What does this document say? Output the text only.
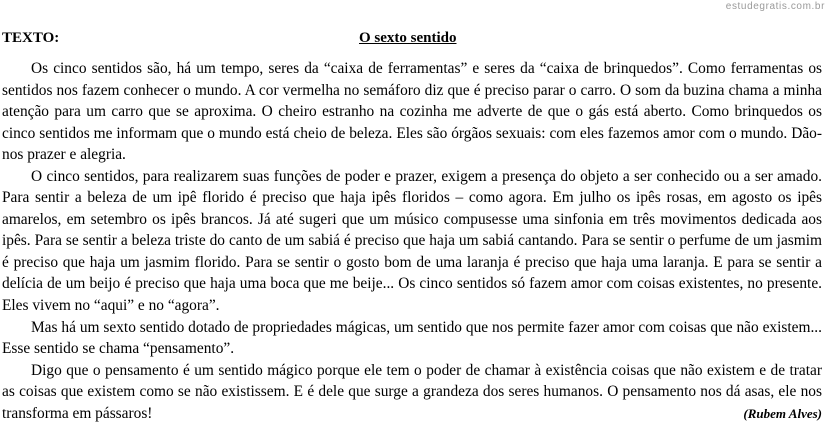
estudegratis.com.br
TEXTO:	O sexto sentido

Os cinco sentidos são, há um tempo, seres da “caixa de ferramentas” e seres da “caixa de brinquedos”. Como ferramentas os sentidos nos fazem conhecer o mundo. A cor vermelha no semáforo diz que é preciso parar o carro. O som da buzina chama a minha atenção para um carro que se aproxima. O cheiro estranho na cozinha me adverte de que o gás está aberto. Como brinquedos os cinco sentidos me informam que o mundo está cheio de beleza. Eles são órgãos sexuais: com eles fazemos amor com o mundo. Dão-nos prazer e alegria.

O cinco sentidos, para realizarem suas funções de poder e prazer, exigem a presença do objeto a ser conhecido ou a ser amado. Para sentir a beleza de um ipê florido é preciso que haja ipês floridos – como agora. Em julho os ipês rosas, em agosto os ipês amarelos, em setembro os ipês brancos. Já até sugeri que um músico compusesse uma sinfonia em três movimentos dedicada aos ipês. Para se sentir a beleza triste do canto de um sabiá é preciso que haja um sabiá cantando. Para se sentir o perfume de um jasmim é preciso que haja um jasmim florido. Para se sentir o gosto bom de uma laranja é preciso que haja uma laranja. E para se sentir a delícia de um beijo é preciso que haja uma boca que me beije... Os cinco sentidos só fazem amor com coisas existentes, no presente. Eles vivem no “aqui” e no “agora”.

Mas há um sexto sentido dotado de propriedades mágicas, um sentido que nos permite fazer amor com coisas que não existem... Esse sentido se chama “pensamento”.

Digo que o pensamento é um sentido mágico porque ele tem o poder de chamar à existência coisas que não existem e de tratar as coisas que existem como se não existissem. E é dele que surge a grandeza dos seres humanos. O pensamento nos dá asas, ele nos transforma em pássaros!	(Rubem Alves)
